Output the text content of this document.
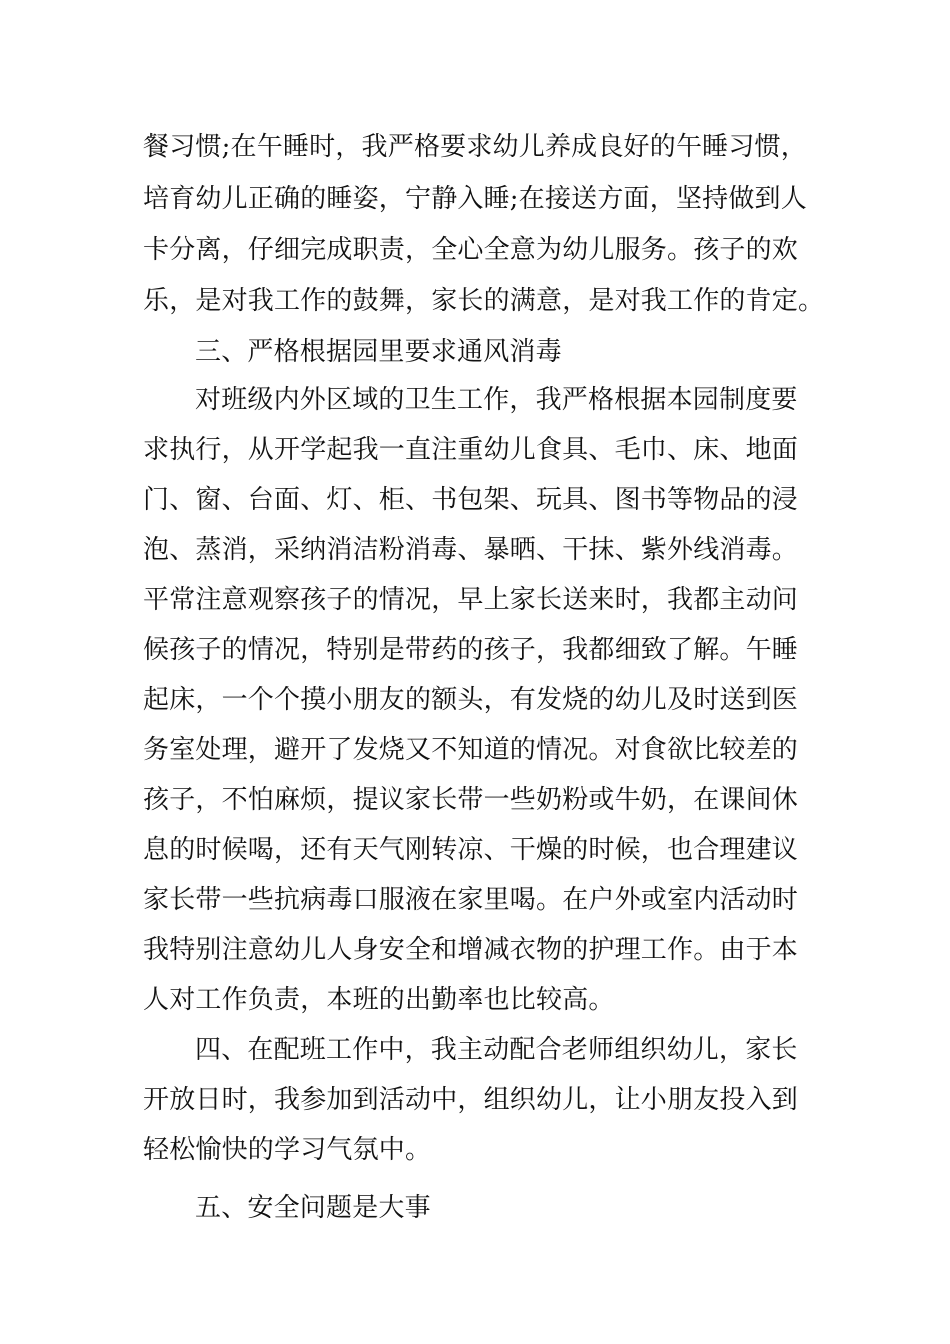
餐习惯;在午睡时，我严格要求幼儿养成良好的午睡习惯，
培育幼儿正确的睡姿，宁静入睡;在接送方面，坚持做到人
卡分离，仔细完成职责，全心全意为幼儿服务。孩子的欢
乐，是对我工作的鼓舞，家长的满意，是对我工作的肯定。
三、严格根据园里要求通风消毒
对班级内外区域的卫生工作，我严格根据本园制度要
求执行，从开学起我一直注重幼儿食具、毛巾、床、地面
门、窗、台面、灯、柜、书包架、玩具、图书等物品的浸
泡、蒸消，采纳消洁粉消毒、暴晒、干抹、紫外线消毒。
平常注意观察孩子的情况，早上家长送来时，我都主动问
候孩子的情况，特别是带药的孩子，我都细致了解。午睡
起床，一个个摸小朋友的额头，有发烧的幼儿及时送到医
务室处理，避开了发烧又不知道的情况。对食欲比较差的
孩子，不怕麻烦，提议家长带一些奶粉或牛奶，在课间休
息的时候喝，还有天气刚转凉、干燥的时候，也合理建议
家长带一些抗病毒口服液在家里喝。在户外或室内活动时
我特别注意幼儿人身安全和增减衣物的护理工作。由于本
人对工作负责，本班的出勤率也比较高。
四、在配班工作中，我主动配合老师组织幼儿，家长
开放日时，我参加到活动中，组织幼儿，让小朋友投入到
轻松愉快的学习气氛中。
五、安全问题是大事
